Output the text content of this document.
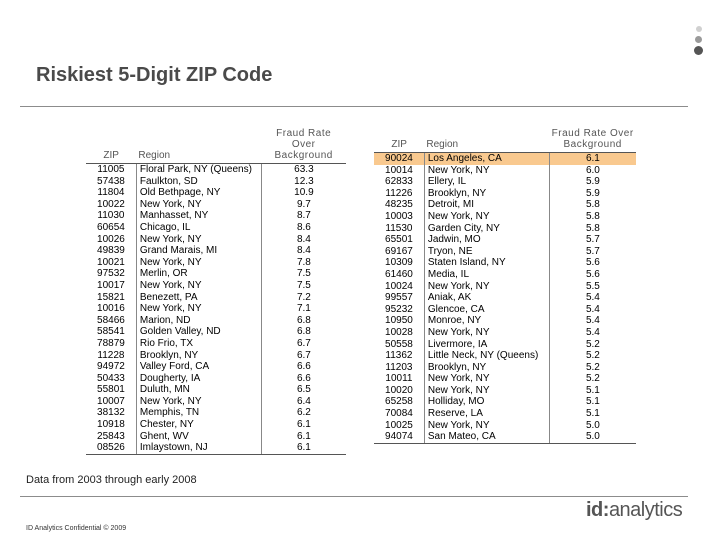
Riskiest 5-Digit ZIP Code
ZIP	Region	Fraud Rate Over Background
11005	Floral Park, NY (Queens)	63.3
57438	Faulkton, SD	12.3
11804	Old Bethpage, NY	10.9
10022	New York, NY	9.7
11030	Manhasset, NY	8.7
60654	Chicago, IL	8.6
10026	New York, NY	8.4
49839	Grand Marais, MI	8.4
10021	New York, NY	7.8
97532	Merlin, OR	7.5
10017	New York, NY	7.5
15821	Benezett, PA	7.2
10016	New York, NY	7.1
58466	Marion, ND	6.8
58541	Golden Valley, ND	6.8
78879	Rio Frio, TX	6.7
11228	Brooklyn, NY	6.7
94972	Valley Ford, CA	6.6
50433	Dougherty, IA	6.6
55801	Duluth, MN	6.5
10007	New York, NY	6.4
38132	Memphis, TN	6.2
10918	Chester, NY	6.1
25843	Ghent, WV	6.1
08526	Imlaystown, NJ	6.1
ZIP	Region	Fraud Rate Over Background
90024	Los Angeles, CA	6.1
10014	New York, NY	6.0
62833	Ellery, IL	5.9
11226	Brooklyn, NY	5.9
48235	Detroit, MI	5.8
10003	New York, NY	5.8
11530	Garden City, NY	5.8
65501	Jadwin, MO	5.7
69167	Tryon, NE	5.7
10309	Staten Island, NY	5.6
61460	Media, IL	5.6
10024	New York, NY	5.5
99557	Aniak, AK	5.4
95232	Glencoe, CA	5.4
10950	Monroe, NY	5.4
10028	New York, NY	5.4
50558	Livermore, IA	5.2
11362	Little Neck, NY (Queens)	5.2
11203	Brooklyn, NY	5.2
10011	New York, NY	5.2
10020	New York, NY	5.1
65258	Holliday, MO	5.1
70084	Reserve, LA	5.1
10025	New York, NY	5.0
94074	San Mateo, CA	5.0
Data from 2003 through early 2008
ID Analytics Confidential © 2009
id:analytics
